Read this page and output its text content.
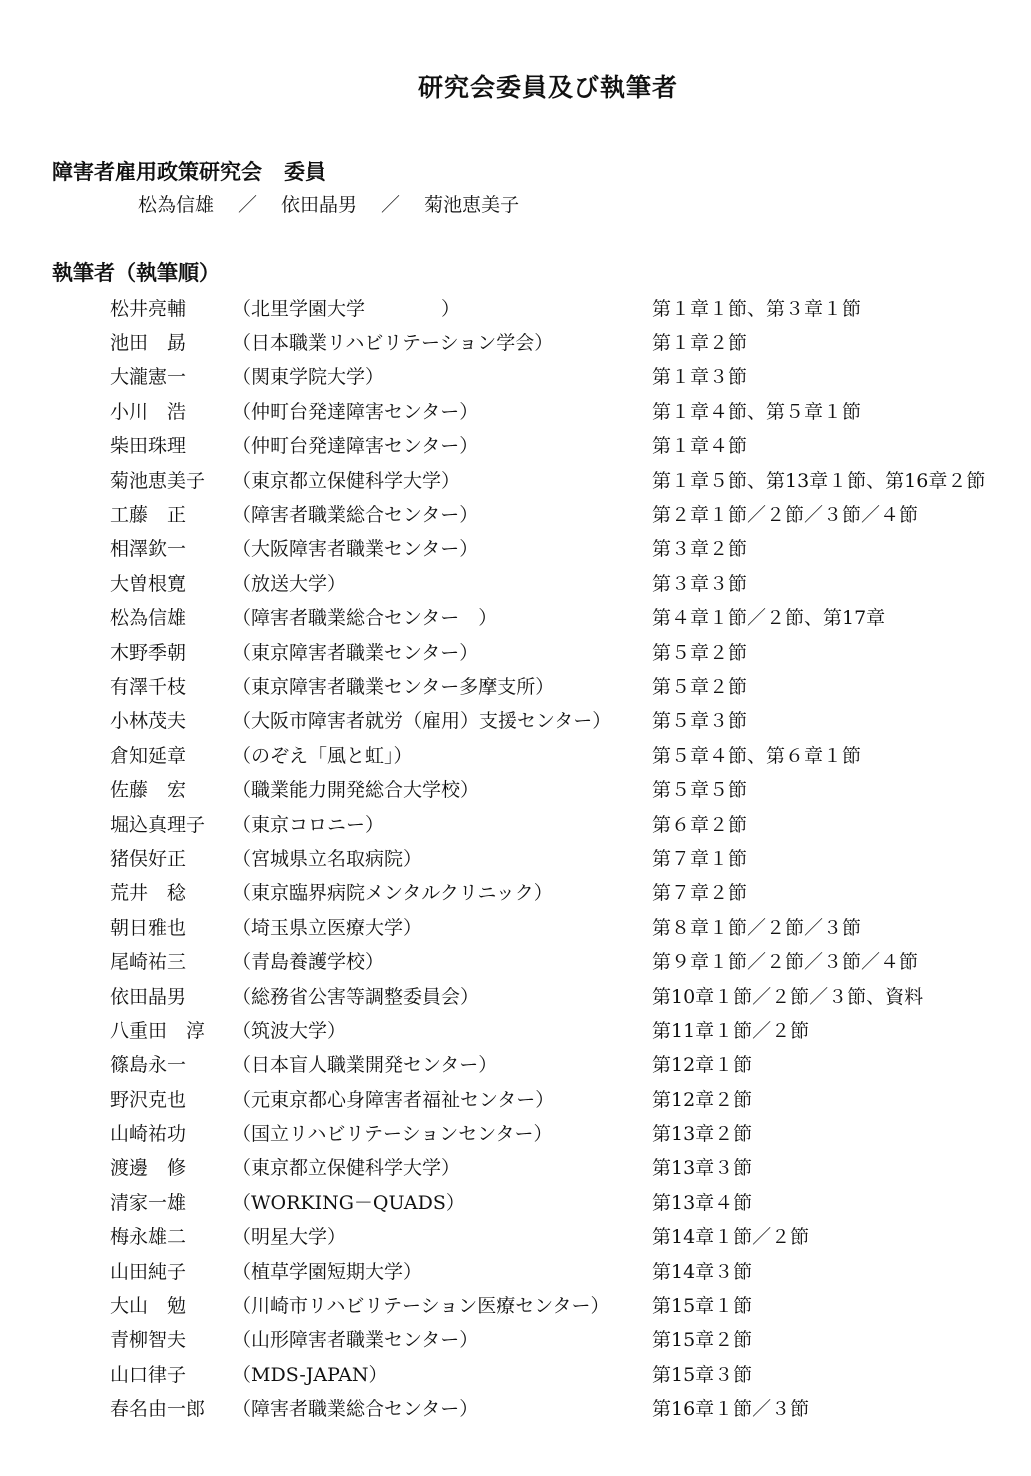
研究会委員及び執筆者
障害者雇用政策研究会 委員
松為信雄 ／ 依田晶男 ／ 菊池恵美子
執筆者（執筆順）
松井亮輔	（北里学園大学　　　　）	第１章１節、第３章１節
池田　勗	（日本職業リハビリテーション学会）	第１章２節
大瀧憲一	（関東学院大学）	第１章３節
小川　浩	（仲町台発達障害センター）	第１章４節、第５章１節
柴田珠理	（仲町台発達障害センター）	第１章４節
菊池恵美子	（東京都立保健科学大学）	第１章５節、第13章１節、第16章２節
工藤　正	（障害者職業総合センター）	第２章１節／２節／３節／４節
相澤欽一	（大阪障害者職業センター）	第３章２節
大曽根寛	（放送大学）	第３章３節
松為信雄	（障害者職業総合センター　）	第４章１節／２節、第17章
木野季朝	（東京障害者職業センター）	第５章２節
有澤千枝	（東京障害者職業センター多摩支所）	第５章２節
小林茂夫	（大阪市障害者就労（雇用）支援センター）	第５章３節
倉知延章	（のぞえ「風と虹」）	第５章４節、第６章１節
佐藤　宏	（職業能力開発総合大学校）	第５章５節
堀込真理子	（東京コロニー）	第６章２節
猪俣好正	（宮城県立名取病院）	第７章１節
荒井　稔	（東京臨界病院メンタルクリニック）	第７章２節
朝日雅也	（埼玉県立医療大学）	第８章１節／２節／３節
尾崎祐三	（青島養護学校）	第９章１節／２節／３節／４節
依田晶男	（総務省公害等調整委員会）	第10章１節／２節／３節、資料
八重田　淳	（筑波大学）	第11章１節／２節
篠島永一	（日本盲人職業開発センター）	第12章１節
野沢克也	（元東京都心身障害者福祉センター）	第12章２節
山崎祐功	（国立リハビリテーションセンター）	第13章２節
渡邊　修	（東京都立保健科学大学）	第13章３節
清家一雄	（WORKING－QUADS）	第13章４節
梅永雄二	（明星大学）	第14章１節／２節
山田純子	（植草学園短期大学）	第14章３節
大山　勉	（川崎市リハビリテーション医療センター）	第15章１節
青柳智夫	（山形障害者職業センター）	第15章２節
山口律子	（MDS-JAPAN）	第15章３節
春名由一郎	（障害者職業総合センター）	第16章１節／３節
